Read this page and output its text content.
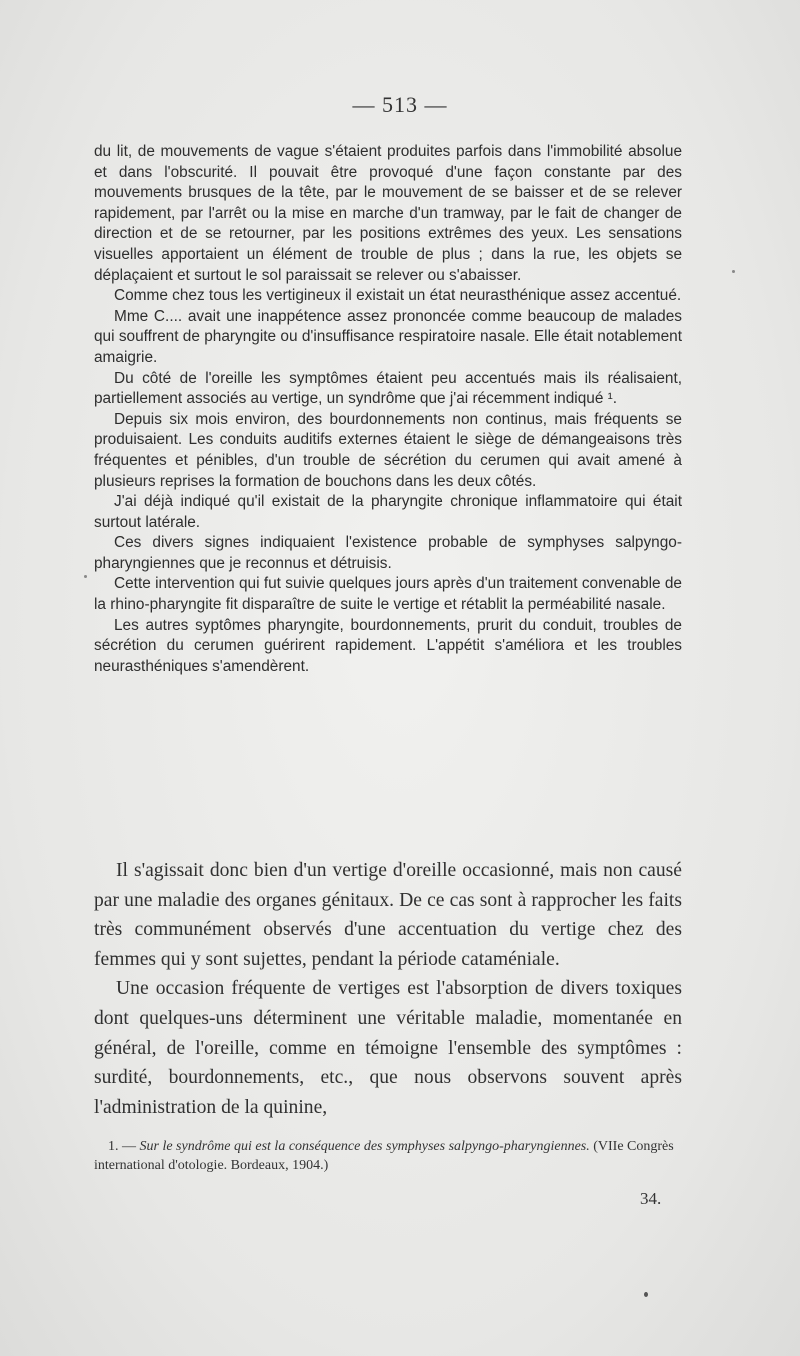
— 513 —

du lit, de mouvements de vague s'étaient produites parfois dans l'immobilité absolue et dans l'obscurité. Il pouvait être provoqué d'une façon constante par des mouvements brusques de la tête, par le mouvement de se baisser et de se relever rapidement, par l'arrêt ou la mise en marche d'un tramway, par le fait de changer de direction et de se retourner, par les positions extrêmes des yeux. Les sensations visuelles apportaient un élément de trouble de plus ; dans la rue, les objets se déplaçaient et surtout le sol paraissait se relever ou s'abaisser.

Comme chez tous les vertigineux il existait un état neurasthénique assez accentué.

Mme C.... avait une inappétence assez prononcée comme beaucoup de malades qui souffrent de pharyngite ou d'insuffisance respiratoire nasale. Elle était notablement amaigrie.

Du côté de l'oreille les symptômes étaient peu accentués mais ils réalisaient, partiellement associés au vertige, un syndrôme que j'ai récemment indiqué ¹.

Depuis six mois environ, des bourdonnements non continus, mais fréquents se produisaient. Les conduits auditifs externes étaient le siège de démangeaisons très fréquentes et pénibles, d'un trouble de sécrétion du cerumen qui avait amené à plusieurs reprises la formation de bouchons dans les deux côtés.

J'ai déjà indiqué qu'il existait de la pharyngite chronique inflammatoire qui était surtout latérale.

Ces divers signes indiquaient l'existence probable de symphyses salpyngo-pharyngiennes que je reconnus et détruisis.

Cette intervention qui fut suivie quelques jours après d'un traitement convenable de la rhino-pharyngite fit disparaître de suite le vertige et rétablit la perméabilité nasale.

Les autres syptômes pharyngite, bourdonnements, prurit du conduit, troubles de sécrétion du cerumen guérirent rapidement. L'appétit s'améliora et les troubles neurasthéniques s'amendèrent.

Il s'agissait donc bien d'un vertige d'oreille occasionné, mais non causé par une maladie des organes génitaux. De ce cas sont à rapprocher les faits très communément observés d'une accentuation du vertige chez des femmes qui y sont sujettes, pendant la période cataméniale.

Une occasion fréquente de vertiges est l'absorption de divers toxiques dont quelques-uns déterminent une véritable maladie, momentanée en général, de l'oreille, comme en témoigne l'ensemble des symptômes : surdité, bourdonnements, etc., que nous observons souvent après l'administration de la quinine,

1. — Sur le syndrôme qui est la conséquence des symphyses salpyngo-pharyngiennes. (VIIe Congrès international d'otologie. Bordeaux, 1904.)

34.
